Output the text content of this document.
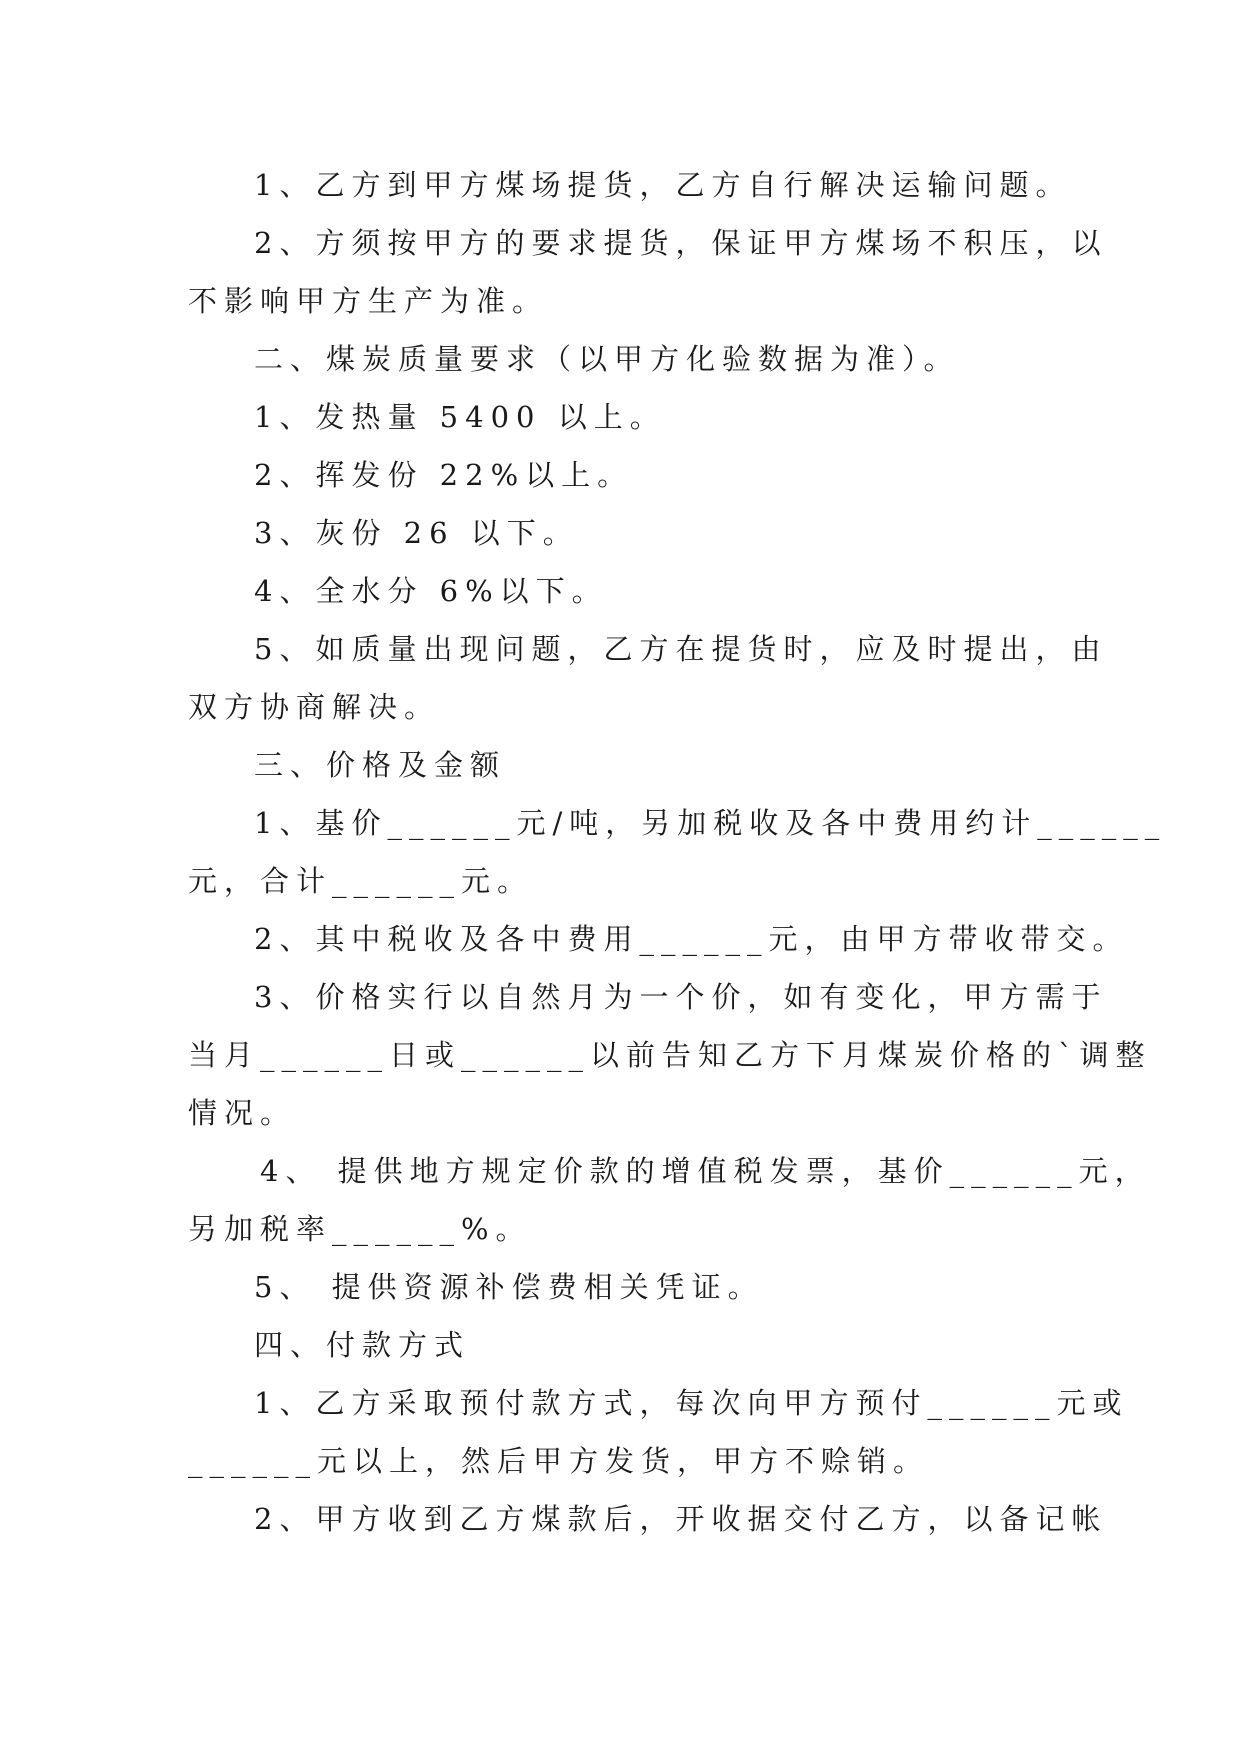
1、乙方到甲方煤场提货，乙方自行解决运输问题。

2、方须按甲方的要求提货，保证甲方煤场不积压，以

不影响甲方生产为准。

二、煤炭质量要求（以甲方化验数据为准）。

1、发热量 5400 以上。

2、挥发份 22%以上。

3、灰份 26 以下。

4、全水分 6%以下。

5、如质量出现问题，乙方在提货时，应及时提出，由

双方协商解决。

三、价格及金额

1、基价______元/吨，另加税收及各中费用约计______

元，合计______元。

2、其中税收及各中费用______元，由甲方带收带交。

3、价格实行以自然月为一个价，如有变化，甲方需于

当月______日或______以前告知乙方下月煤炭价格的`调整

情况。

4、 提供地方规定价款的增值税发票，基价______元，

另加税率______%。

5、 提供资源补偿费相关凭证。

四、付款方式

1、乙方采取预付款方式，每次向甲方预付______元或

______元以上，然后甲方发货，甲方不赊销。

2、甲方收到乙方煤款后，开收据交付乙方，以备记帐
